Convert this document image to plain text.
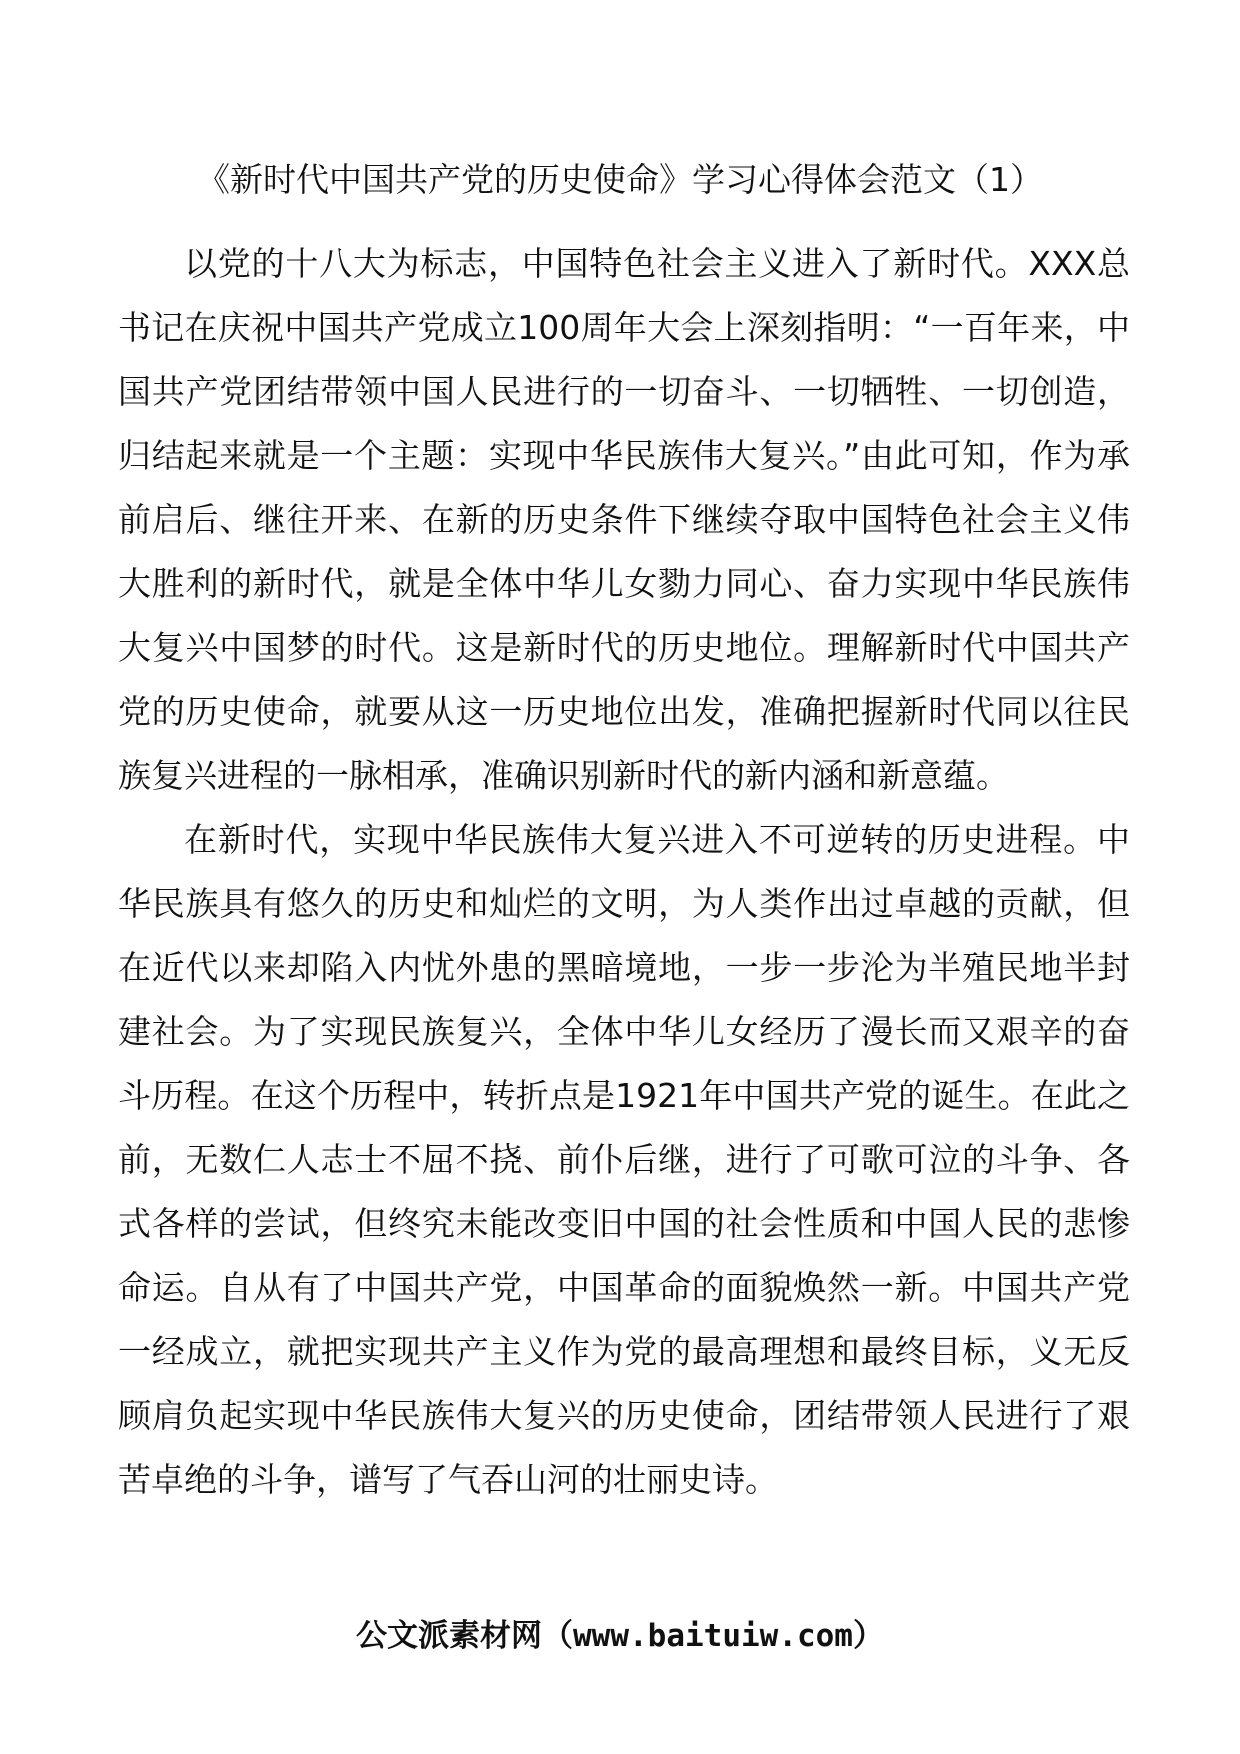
《新时代中国共产党的历史使命》学习心得体会范文（1）

以党的十八大为标志，中国特色社会主义进入了新时代。XXX总书记在庆祝中国共产党成立100周年大会上深刻指明：“一百年来，中国共产党团结带领中国人民进行的一切奋斗、一切牺牲、一切创造，归结起来就是一个主题：实现中华民族伟大复兴。”由此可知，作为承前启后、继往开来、在新的历史条件下继续夺取中国特色社会主义伟大胜利的新时代，就是全体中华儿女勠力同心、奋力实现中华民族伟大复兴中国梦的时代。这是新时代的历史地位。理解新时代中国共产党的历史使命，就要从这一历史地位出发，准确把握新时代同以往民族复兴进程的一脉相承，准确识别新时代的新内涵和新意蕴。

在新时代，实现中华民族伟大复兴进入不可逆转的历史进程。中华民族具有悠久的历史和灿烂的文明，为人类作出过卓越的贡献，但在近代以来却陷入内忧外患的黑暗境地，一步一步沦为半殖民地半封建社会。为了实现民族复兴，全体中华儿女经历了漫长而又艰辛的奋斗历程。在这个历程中，转折点是1921年中国共产党的诞生。在此之前，无数仁人志士不屈不挠、前仆后继，进行了可歌可泣的斗争、各式各样的尝试，但终究未能改变旧中国的社会性质和中国人民的悲惨命运。自从有了中国共产党，中国革命的面貌焕然一新。中国共产党一经成立，就把实现共产主义作为党的最高理想和最终目标，义无反顾肩负起实现中华民族伟大复兴的历史使命，团结带领人民进行了艰苦卓绝的斗争，谱写了气吞山河的壮丽史诗。

公文派素材网（www.baituiw.com）
